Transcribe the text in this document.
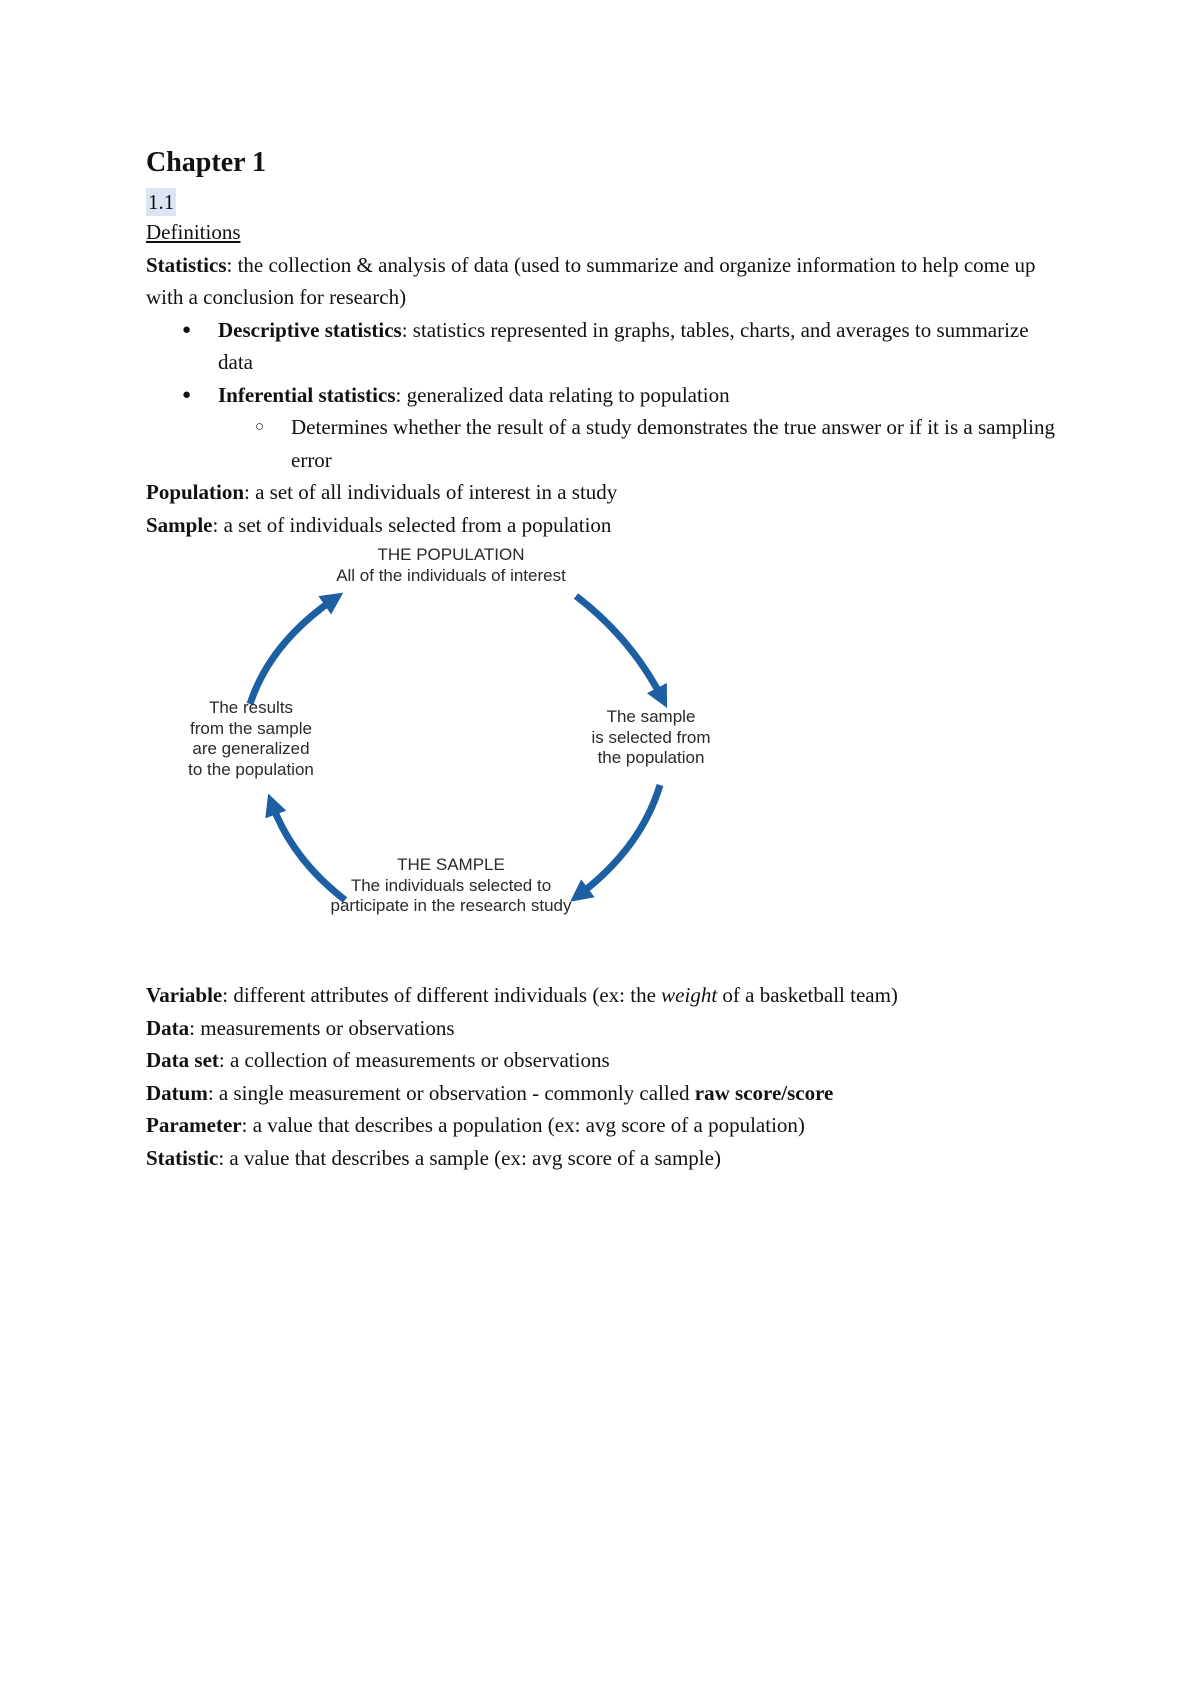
Chapter 1
1.1

Definitions

Statistics: the collection & analysis of data (used to summarize and organize information to help come up with a conclusion for research)

● Descriptive statistics: statistics represented in graphs, tables, charts, and averages to summarize data
● Inferential statistics: generalized data relating to population
○ Determines whether the result of a study demonstrates the true answer or if it is a sampling error

Population: a set of all individuals of interest in a study

Sample: a set of individuals selected from a population

THE POPULATION
All of the individuals of interest
The sample
is selected from
the population
THE SAMPLE
The individuals selected to
participate in the research study
The results
from the sample
are generalized
to the population

Variable: different attributes of different individuals (ex: the weight of a basketball team)

Data: measurements or observations

Data set: a collection of measurements or observations

Datum: a single measurement or observation - commonly called raw score/score

Parameter: a value that describes a population (ex: avg score of a population)

Statistic: a value that describes a sample (ex: avg score of a sample)
